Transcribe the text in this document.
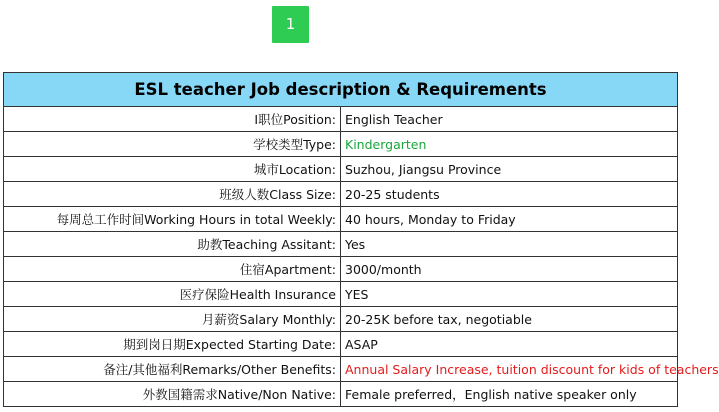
1
ESL teacher Job description & Requirements	
I职位Position:	English Teacher
学校类型Type:	Kindergarten
城市Location:	Suzhou, Jiangsu Province
班级人数Class Size:	20-25 students
每周总工作时间Working Hours in total Weekly:	40 hours, Monday to Friday
助教Teaching Assitant:	Yes
住宿Apartment:	3000/month
医疗保险Health Insurance	YES
月薪资Salary Monthly:	20-25K before tax, negotiable
期到岗日期Expected Starting Date:	ASAP
备注/其他福利Remarks/Other Benefits:	Annual Salary Increase, tuition discount for kids of teachers
外教国籍需求Native/Non Native:	Female preferred，English native speaker only
